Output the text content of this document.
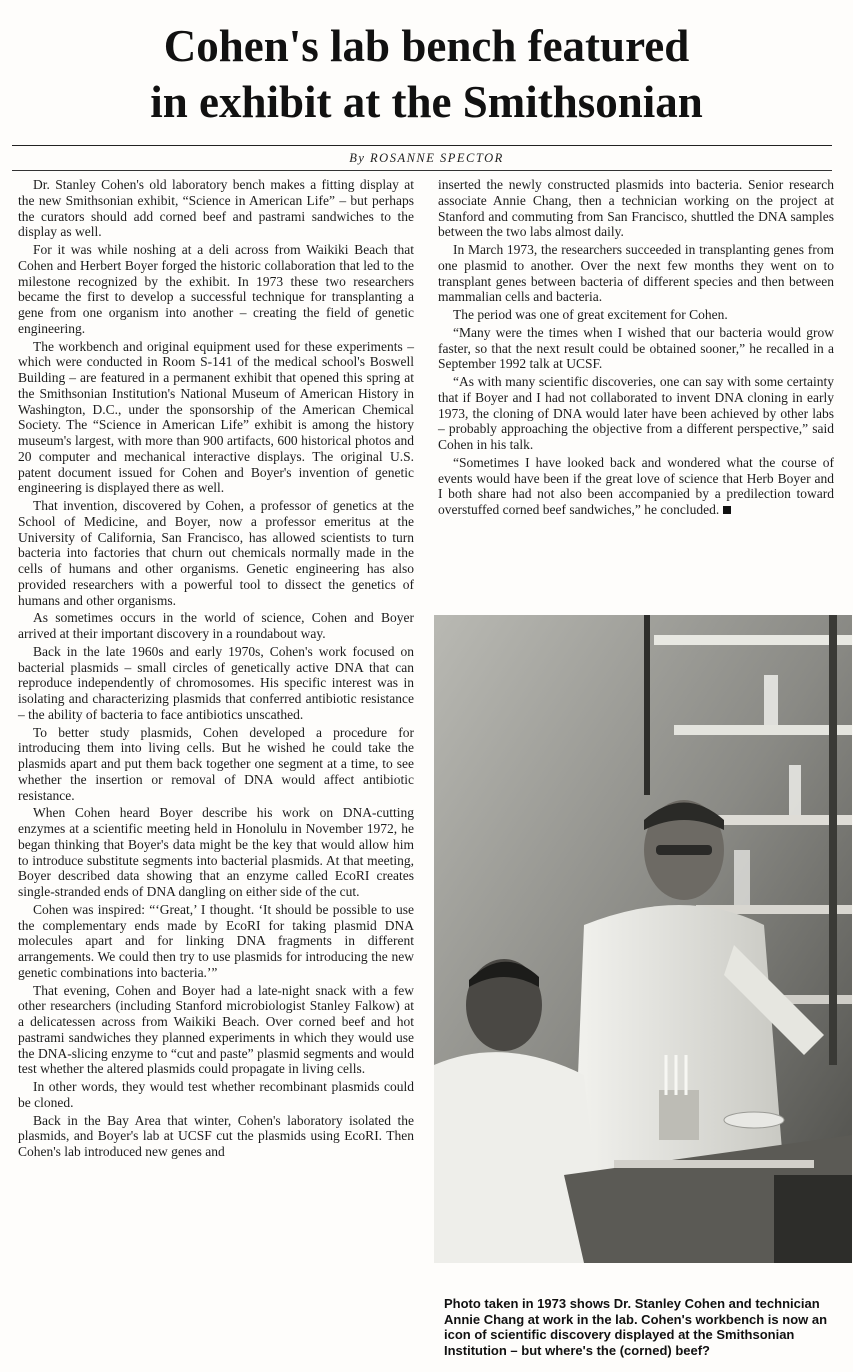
Cohen's lab bench featured
in exhibit at the Smithsonian
By ROSANNE SPECTOR

Dr. Stanley Cohen's old laboratory bench makes a fitting display at the new Smithsonian exhibit, “Science in American Life” – but perhaps the curators should add corned beef and pastrami sandwiches to the display as well.

For it was while noshing at a deli across from Waikiki Beach that Cohen and Herbert Boyer forged the historic collaboration that led to the milestone recognized by the exhibit. In 1973 these two researchers became the first to develop a successful technique for transplanting a gene from one organism into another – creating the field of genetic engineering.

The workbench and original equipment used for these experiments – which were conducted in Room S-141 of the medical school's Boswell Building – are featured in a permanent exhibit that opened this spring at the Smithsonian Institution's National Museum of American History in Washington, D.C., under the sponsorship of the American Chemical Society. The “Science in American Life” exhibit is among the history museum's largest, with more than 900 artifacts, 600 historical photos and 20 computer and mechanical interactive displays. The original U.S. patent document issued for Cohen and Boyer's invention of genetic engineering is displayed there as well.

That invention, discovered by Cohen, a professor of genetics at the School of Medicine, and Boyer, now a professor emeritus at the University of California, San Francisco, has allowed scientists to turn bacteria into factories that churn out chemicals normally made in the cells of humans and other organisms. Genetic engineering has also provided researchers with a powerful tool to dissect the genetics of humans and other organisms.

As sometimes occurs in the world of science, Cohen and Boyer arrived at their important discovery in a roundabout way.

Back in the late 1960s and early 1970s, Cohen's work focused on bacterial plasmids – small circles of genetically active DNA that can reproduce independently of chromosomes. His specific interest was in isolating and characterizing plasmids that conferred antibiotic resistance – the ability of bacteria to face antibiotics unscathed.

To better study plasmids, Cohen developed a procedure for introducing them into living cells. But he wished he could take the plasmids apart and put them back together one segment at a time, to see whether the insertion or removal of DNA would affect antibiotic resistance.

When Cohen heard Boyer describe his work on DNA-cutting enzymes at a scientific meeting held in Honolulu in November 1972, he began thinking that Boyer's data might be the key that would allow him to introduce substitute segments into bacterial plasmids. At that meeting, Boyer described data showing that an enzyme called EcoRI creates single-stranded ends of DNA dangling on either side of the cut.

Cohen was inspired: “‘Great,’ I thought. ‘It should be possible to use the complementary ends made by EcoRI for taking plasmid DNA molecules apart and for linking DNA fragments in different arrangements. We could then try to use plasmids for introducing the new genetic combinations into bacteria.’”

That evening, Cohen and Boyer had a late-night snack with a few other researchers (including Stanford microbiologist Stanley Falkow) at a delicatessen across from Waikiki Beach. Over corned beef and hot pastrami sandwiches they planned experiments in which they would use the DNA-slicing enzyme to “cut and paste” plasmid segments and would test whether the altered plasmids could propagate in living cells.

In other words, they would test whether recombinant plasmids could be cloned.

Back in the Bay Area that winter, Cohen's laboratory isolated the plasmids, and Boyer's lab at UCSF cut the plasmids using EcoRI. Then Cohen's lab introduced new genes and

inserted the newly constructed plasmids into bacteria. Senior research associate Annie Chang, then a technician working on the project at Stanford and commuting from San Francisco, shuttled the DNA samples between the two labs almost daily.

In March 1973, the researchers succeeded in transplanting genes from one plasmid to another. Over the next few months they went on to transplant genes between bacteria of different species and then between mammalian cells and bacteria.

The period was one of great excitement for Cohen.

“Many were the times when I wished that our bacteria would grow faster, so that the next result could be obtained sooner,” he recalled in a September 1992 talk at UCSF.

“As with many scientific discoveries, one can say with some certainty that if Boyer and I had not collaborated to invent DNA cloning in early 1973, the cloning of DNA would later have been achieved by other labs – probably approaching the objective from a different perspective,” said Cohen in his talk.

“Sometimes I have looked back and wondered what the course of events would have been if the great love of science that Herb Boyer and I both share had not also been accompanied by a predilection toward overstuffed corned beef sandwiches,” he concluded.

Photo taken in 1973 shows Dr. Stanley Cohen and technician Annie Chang at work in the lab. Cohen's workbench is now an icon of scientific discovery displayed at the Smithsonian Institution – but where's the (corned) beef?
